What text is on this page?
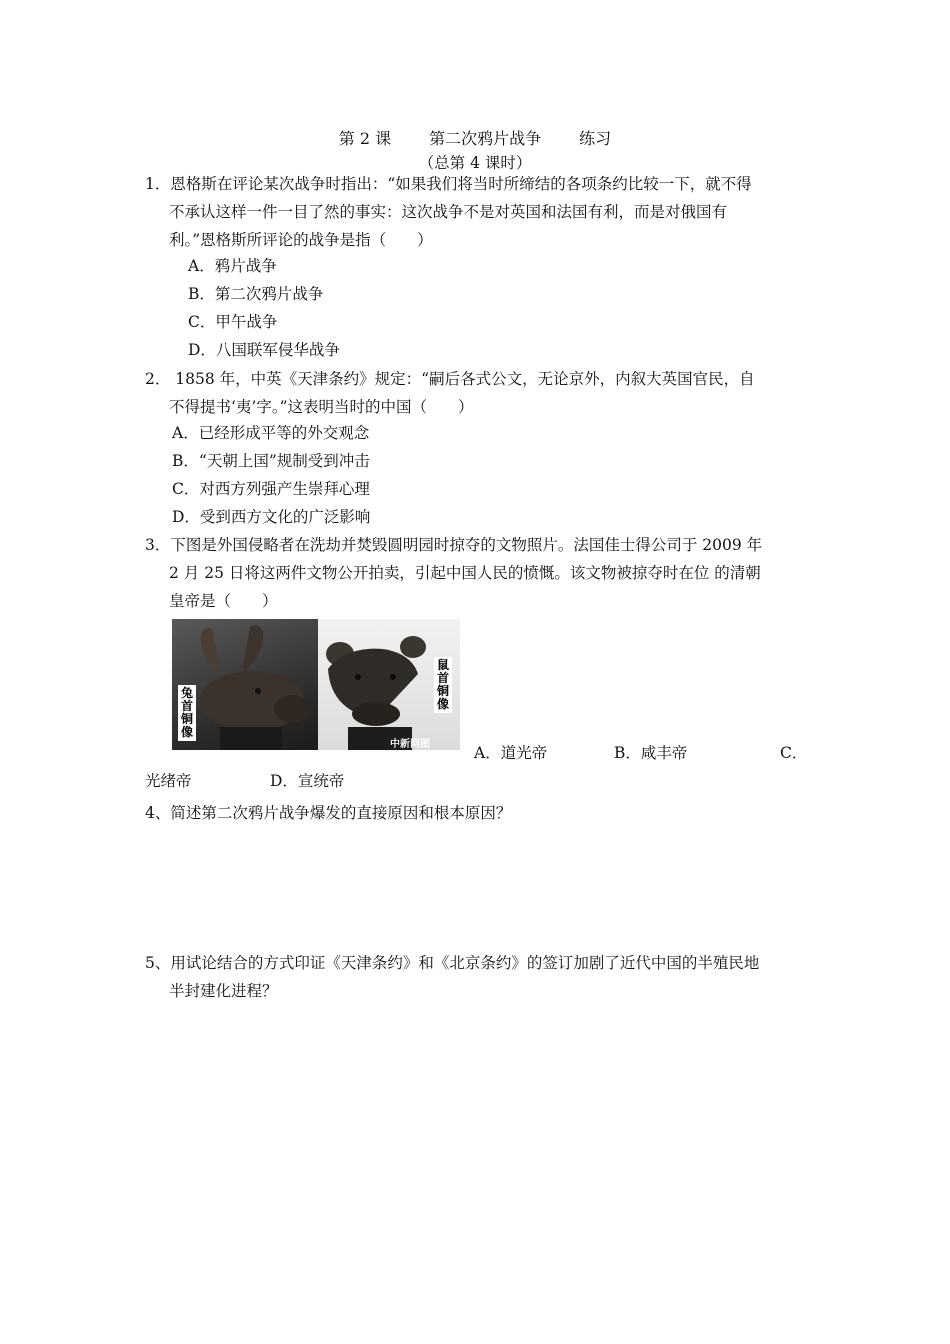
第 2 课 第二次鸦片战争 练习
（总第 4 课时）
1．恩格斯在评论某次战争时指出：“如果我们将当时所缔结的各项条约比较一下，就不得
不承认这样一件一目了然的事实：这次战争不是对英国和法国有利，而是对俄国有
利。”恩格斯所评论的战争是指（　　）
A．鸦片战争
B．第二次鸦片战争
C．甲午战争
D．八国联军侵华战争
2． 1858 年，中英《天津条约》规定：“嗣后各式公文，无论京外，内叙大英国官民，自
不得提书‘夷’字。”这表明当时的中国（　　）
A．已经形成平等的外交观念
B．“天朝上国”规制受到冲击
C．对西方列强产生崇拜心理
D．受到西方文化的广泛影响
3．下图是外国侵略者在洗劫并焚毁圆明园时掠夺的文物照片。法国佳士得公司于 2009 年
2 月 25 日将这两件文物公开拍卖，引起中国人民的愤慨。该文物被掠夺时在位 的清朝
皇帝是（　　）
兔首铜像
鼠首铜像
中新网图	A．道光帝	B．咸丰帝	C．
光绪帝	D．宣统帝
4、简述第二次鸦片战争爆发的直接原因和根本原因？
5、用试论结合的方式印证《天津条约》和《北京条约》的签订加剧了近代中国的半殖民地
半封建化进程？
